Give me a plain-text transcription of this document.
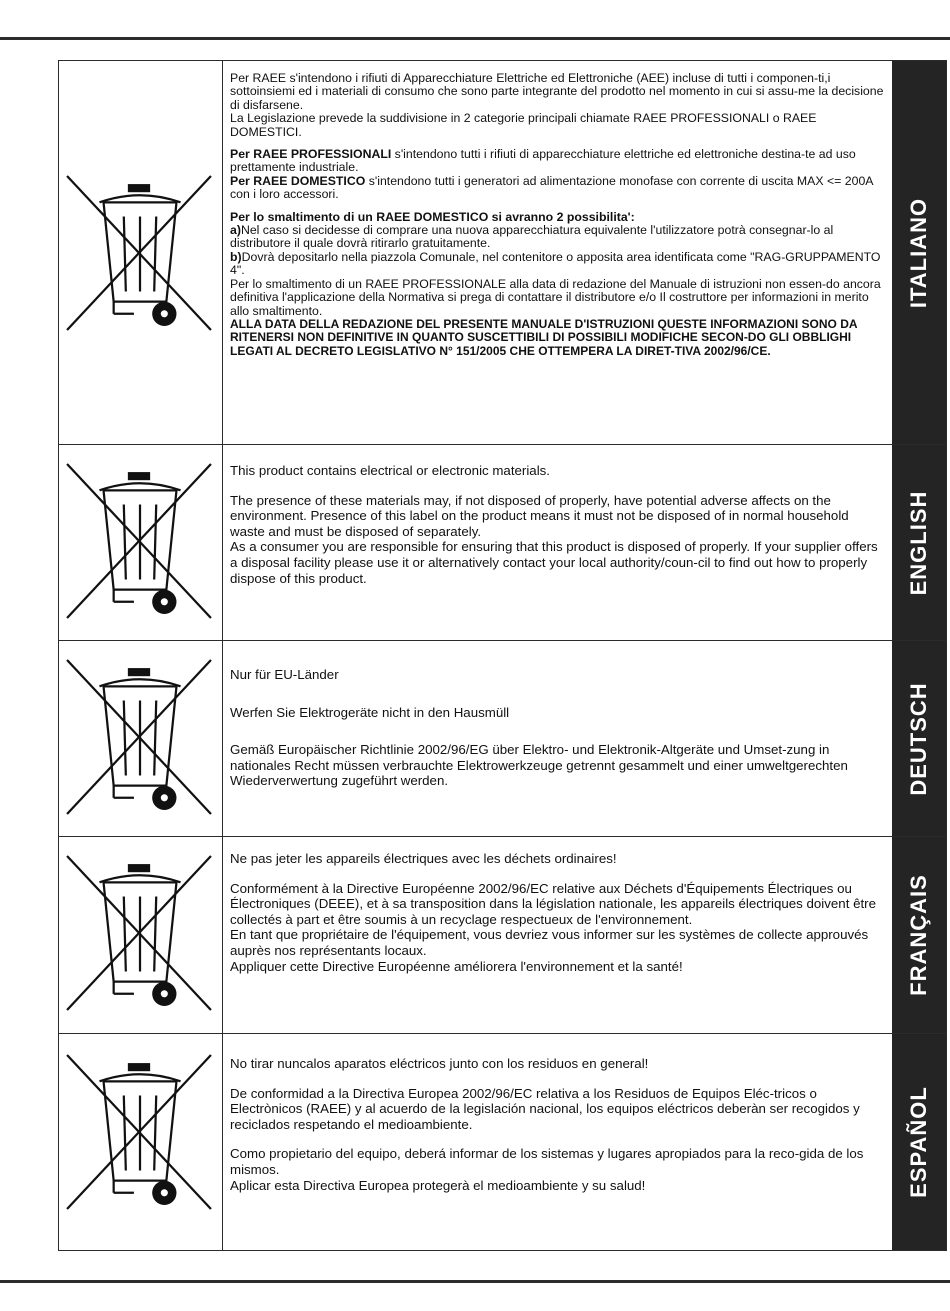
Per RAEE s'intendono i rifiuti di Apparecchiature Elettriche ed Elettroniche (AEE) incluse di tutti i componen-ti,i sottoinsiemi ed i materiali di consumo che sono parte integrante del prodotto nel momento in cui si assu-me la decisione di disfarsene.

La Legislazione prevede la suddivisione in 2 categorie principali chiamate RAEE PROFESSIONALI o RAEE DOMESTICI.

Per RAEE PROFESSIONALI s'intendono tutti i rifiuti di apparecchiature elettriche ed elettroniche destina-te ad uso prettamente industriale.

Per RAEE DOMESTICO s'intendono tutti i generatori ad alimentazione monofase con corrente di uscita MAX <= 200A con i loro accessori.

Per lo smaltimento di un RAEE DOMESTICO si avranno 2 possibilita':

a)Nel caso si decidesse di comprare una nuova apparecchiatura equivalente l'utilizzatore potrà consegnar-lo al distributore il quale dovrà ritirarlo gratuitamente.

b)Dovrà depositarlo nella piazzola Comunale, nel contenitore o apposita area identificata come "RAG-GRUPPAMENTO 4".

Per lo smaltimento di un RAEE PROFESSIONALE alla data di redazione del Manuale di istruzioni non essen-do ancora definitiva l'applicazione della Normativa si prega di contattare il distributore e/o Il costruttore per informazioni in merito allo smaltimento.

ALLA DATA DELLA REDAZIONE DEL PRESENTE MANUALE D'ISTRUZIONI QUESTE INFORMAZIONI SONO DA RITENERSI NON DEFINITIVE IN QUANTO SUSCETTIBILI DI POSSIBILI MODIFICHE SECON-DO GLI OBBLIGHI LEGATI AL DECRETO LEGISLATIVO N° 151/2005 CHE OTTEMPERA LA DIRET-TIVA 2002/96/CE.

ITALIANO

This product contains electrical or electronic materials.

The presence of these materials may, if not disposed of properly, have potential adverse affects on the environment. Presence of this label on the product means it must not be disposed of in normal household waste and must be disposed of separately.

As a consumer you are responsible for ensuring that this product is disposed of properly. If your supplier offers a disposal facility please use it or alternatively contact your local authority/coun-cil to find out how to properly dispose of this product.	ENGLISH

Nur für EU-Länder

Werfen Sie Elektrogeräte nicht in den Hausmüll

Gemäß Europäischer Richtlinie 2002/96/EG über Elektro- und Elektronik-Altgeräte und Umset-zung in nationales Recht müssen verbrauchte Elektrowerkzeuge getrennt gesammelt und einer umweltgerechten Wiederverwertung zugeführt werden.	DEUTSCH

Ne pas jeter les appareils électriques avec les déchets ordinaires!

Conformément à la Directive Européenne 2002/96/EC relative aux Déchets d'Équipements Électriques ou Électroniques (DEEE), et à sa transposition dans la législation nationale, les appareils électriques doivent être collectés à part et être soumis à un recyclage respectueux de l'environnement.

En tant que propriétaire de l'équipement, vous devriez vous informer sur les systèmes de collecte approuvés auprès nos représentants locaux.

Appliquer cette Directive Européenne améliorera l'environnement et la santé!	FRANÇAIS

No tirar nuncalos aparatos eléctricos junto con los residuos en general!

De conformidad a la Directiva Europea 2002/96/EC relativa a los Residuos de Equipos Eléc-tricos o Electrònicos (RAEE) y al acuerdo de la legislación nacional, los equipos eléctricos deberàn ser recogidos y reciclados respetando el medioambiente.

Como propietario del equipo, deberá informar de los sistemas y lugares apropiados para la reco-gida de los mismos.

Aplicar esta Directiva Europea protegerà el medioambiente y su salud!	ESPAÑOL
